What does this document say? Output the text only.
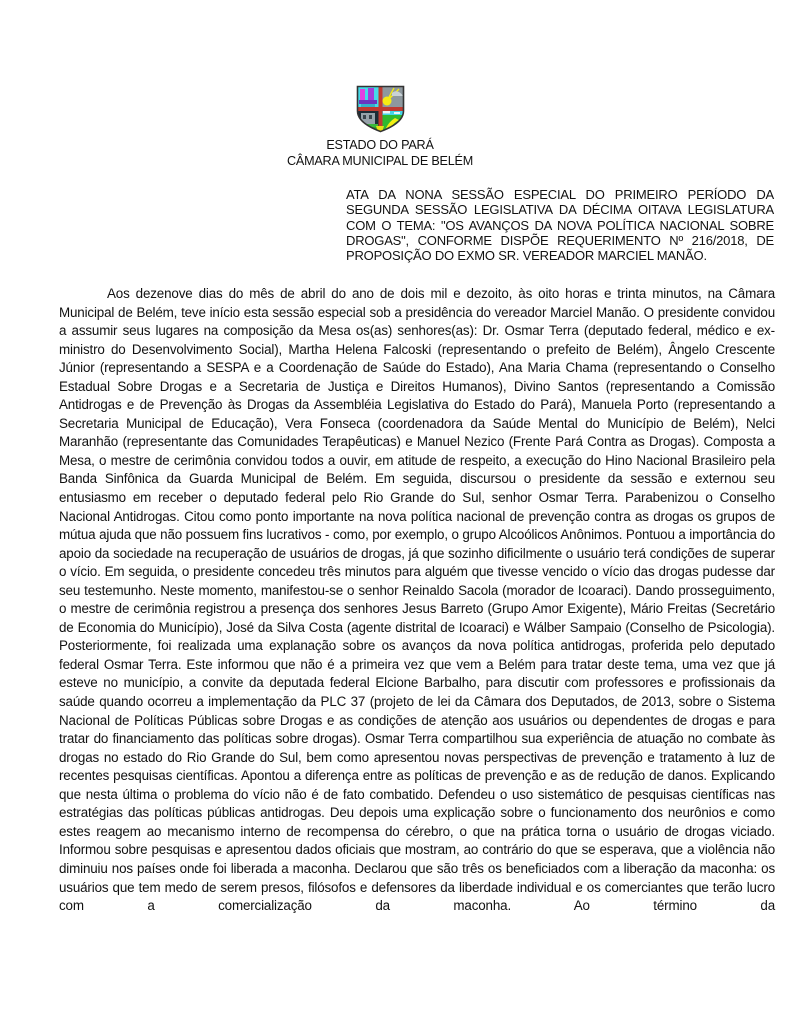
ESTADO DO PARÁ
CÂMARA MUNICIPAL DE BELÉM
ATA DA NONA SESSÃO ESPECIAL DO PRIMEIRO PERÍODO DA SEGUNDA SESSÃO LEGISLATIVA DA DÉCIMA OITAVA LEGISLATURA COM O TEMA: "OS AVANÇOS DA NOVA POLÍTICA NACIONAL SOBRE DROGAS", CONFORME DISPÕE REQUERIMENTO Nº 216/2018, DE PROPOSIÇÃO DO EXMO SR. VEREADOR MARCIEL MANÃO.

Aos dezenove dias do mês de abril do ano de dois mil e dezoito, às oito horas e trinta minutos, na Câmara Municipal de Belém, teve início esta sessão especial sob a presidência do vereador Marciel Manão. O presidente convidou a assumir seus lugares na composição da Mesa os(as) senhores(as): Dr. Osmar Terra (deputado federal, médico e ex-ministro do Desenvolvimento Social), Martha Helena Falcoski (representando o prefeito de Belém), Ângelo Crescente Júnior (representando a SESPA e a Coordenação de Saúde do Estado), Ana Maria Chama (representando o Conselho Estadual Sobre Drogas e a Secretaria de Justiça e Direitos Humanos), Divino Santos (representando a Comissão Antidrogas e de Prevenção às Drogas da Assembléia Legislativa do Estado do Pará), Manuela Porto (representando a Secretaria Municipal de Educação), Vera Fonseca (coordenadora da Saúde Mental do Município de Belém), Nelci Maranhão (representante das Comunidades Terapêuticas) e Manuel Nezico (Frente Pará Contra as Drogas). Composta a Mesa, o mestre de cerimônia convidou todos a ouvir, em atitude de respeito, a execução do Hino Nacional Brasileiro pela Banda Sinfônica da Guarda Municipal de Belém. Em seguida, discursou o presidente da sessão e externou seu entusiasmo em receber o deputado federal pelo Rio Grande do Sul, senhor Osmar Terra. Parabenizou o Conselho Nacional Antidrogas. Citou como ponto importante na nova política nacional de prevenção contra as drogas os grupos de mútua ajuda que não possuem fins lucrativos - como, por exemplo, o grupo Alcoólicos Anônimos. Pontuou a importância do apoio da sociedade na recuperação de usuários de drogas, já que sozinho dificilmente o usuário terá condições de superar o vício. Em seguida, o presidente concedeu três minutos para alguém que tivesse vencido o vício das drogas pudesse dar seu testemunho. Neste momento, manifestou-se o senhor Reinaldo Sacola (morador de Icoaraci). Dando prosseguimento, o mestre de cerimônia registrou a presença dos senhores Jesus Barreto (Grupo Amor Exigente), Mário Freitas (Secretário de Economia do Município), José da Silva Costa (agente distrital de Icoaraci) e Wálber Sampaio (Conselho de Psicologia). Posteriormente, foi realizada uma explanação sobre os avanços da nova política antidrogas, proferida pelo deputado federal Osmar Terra. Este informou que não é a primeira vez que vem a Belém para tratar deste tema, uma vez que já esteve no município, a convite da deputada federal Elcione Barbalho, para discutir com professores e profissionais da saúde quando ocorreu a implementação da PLC 37 (projeto de lei da Câmara dos Deputados, de 2013, sobre o Sistema Nacional de Políticas Públicas sobre Drogas e as condições de atenção aos usuários ou dependentes de drogas e para tratar do financiamento das políticas sobre drogas). Osmar Terra compartilhou sua experiência de atuação no combate às drogas no estado do Rio Grande do Sul, bem como apresentou novas perspectivas de prevenção e tratamento à luz de recentes pesquisas científicas. Apontou a diferença entre as políticas de prevenção e as de redução de danos. Explicando que nesta última o problema do vício não é de fato combatido. Defendeu o uso sistemático de pesquisas científicas nas estratégias das políticas públicas antidrogas. Deu depois uma explicação sobre o funcionamento dos neurônios e como estes reagem ao mecanismo interno de recompensa do cérebro, o que na prática torna o usuário de drogas viciado. Informou sobre pesquisas e apresentou dados oficiais que mostram, ao contrário do que se esperava, que a violência não diminuiu nos países onde foi liberada a maconha. Declarou que são três os beneficiados com a liberação da maconha: os usuários que tem medo de serem presos, filósofos e defensores da liberdade individual e os comerciantes que terão lucro com a comercialização da maconha. Ao término da
